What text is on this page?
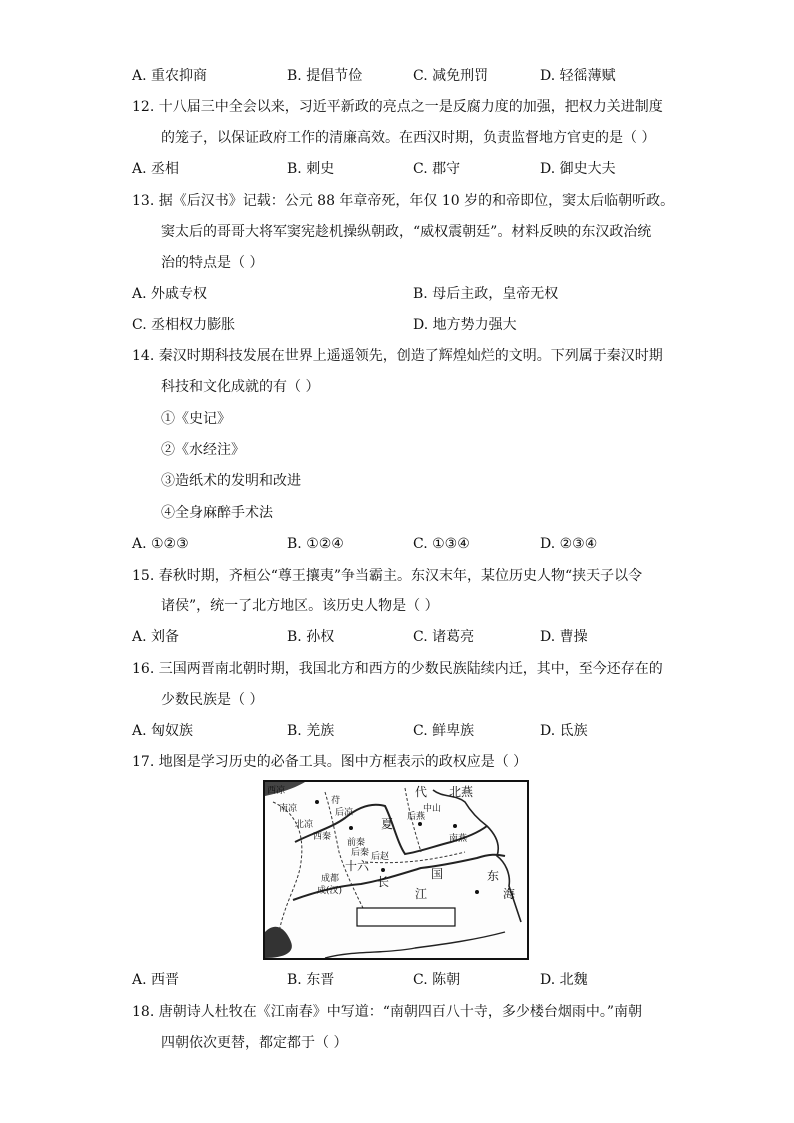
A. 重农抑商	B. 提倡节俭	C. 减免刑罚	D. 轻徭薄赋
12. 十八届三中全会以来，习近平新政的亮点之一是反腐力度的加强，把权力关进制度
的笼子，以保证政府工作的清廉高效。在西汉时期，负责监督地方官吏的是（ ）
A. 丞相	B. 刺史	C. 郡守	D. 御史大夫
13. 据《后汉书》记载：公元 88 年章帝死，年仅 10 岁的和帝即位，窦太后临朝听政。
窦太后的哥哥大将军窦宪趁机操纵朝政，“威权震朝廷”。材料反映的东汉政治统
治的特点是（ ）
A. 外戚专权	B. 母后主政，皇帝无权
C. 丞相权力膨胀	D. 地方势力强大
14. 秦汉时期科技发展在世界上遥遥领先，创造了辉煌灿烂的文明。下列属于秦汉时期
科技和文化成就的有（ ）
①《史记》
②《水经注》
③造纸术的发明和改进
④全身麻醉手术法
A. ①②③	B. ①②④	C. ①③④	D. ②③④
15. 春秋时期，齐桓公“尊王攘夷”争当霸主。东汉末年，某位历史人物“挟天子以令
诸侯”，统一了北方地区。该历史人物是（ ）
A. 刘备	B. 孙权	C. 诸葛亮	D. 曹操
16. 三国两晋南北朝时期，我国北方和西方的少数民族陆续内迁，其中，至今还存在的
少数民族是（ ）
A. 匈奴族	B. 羌族	C. 鲜卑族	D. 氐族
17. 地图是学习历史的必备工具。图中方框表示的政权应是（ ）
西凉	代 北燕
中山
南凉
苻
后凉
夏 后燕
南燕
北凉
西秦
前秦
后秦 后赵
十六
国
长
江
成都
成(汉)
东
海
A. 西晋	B. 东晋	C. 陈朝	D. 北魏
18. 唐朝诗人杜牧在《江南春》中写道：“南朝四百八十寺，多少楼台烟雨中。”南朝
四朝依次更替，都定都于（ ）
